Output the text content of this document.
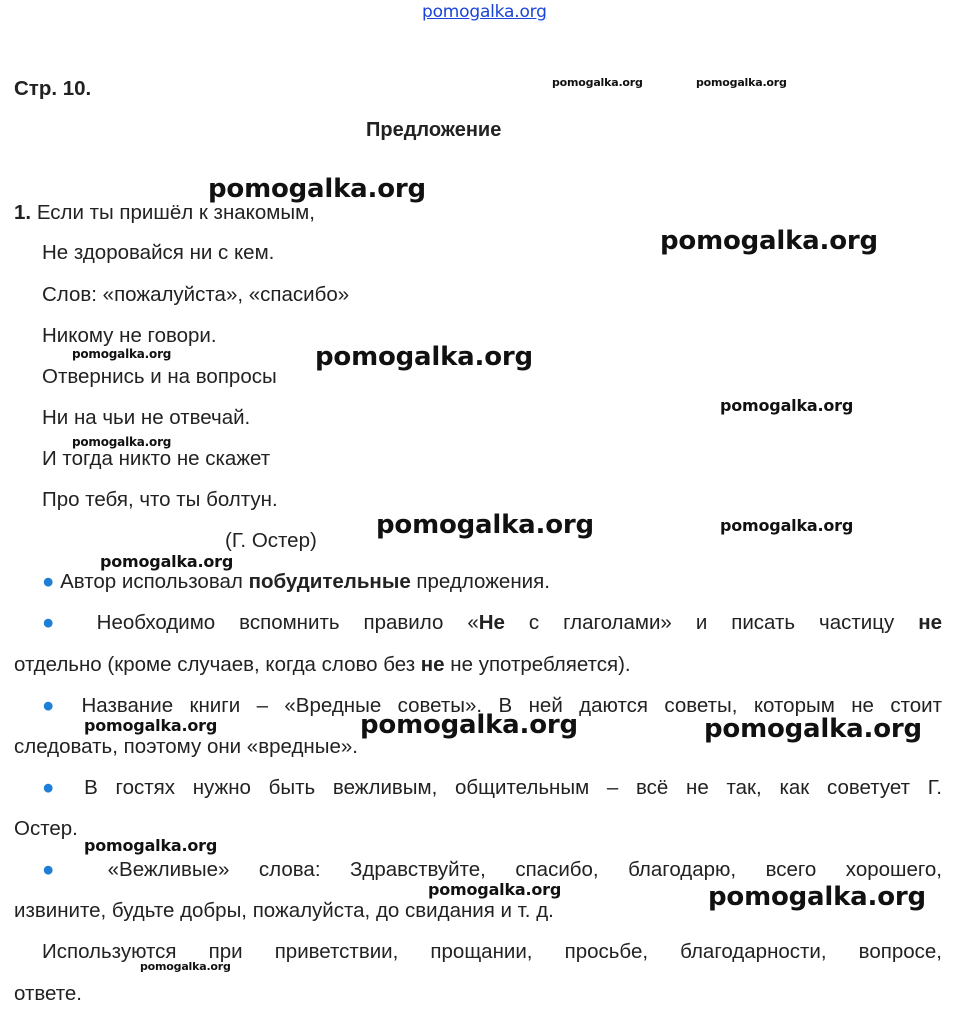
pomogalka.org
Стр. 10.	pomogalka.org	pomogalka.org
Предложение
1. Если ты пришёл к знакомым,
Не здоровайся ни с кем.
Слов: «пожалуйста», «спасибо»
Никому не говори.
Отвернись и на вопросы
Ни на чьи не отвечай.
И тогда никто не скажет
Про тебя, что ты болтун.
(Г. Остер)
● Автор использовал побудительные предложения.
● Необходимо вспомнить правило «Не с глаголами» и писать частицу не
отдельно (кроме случаев, когда слово без не не употребляется).
● Название книги – «Вредные советы». В ней даются советы, которым не стоит
следовать, поэтому они «вредные».
● В гостях нужно быть вежливым, общительным – всё не так, как советует Г.
Остер.
● «Вежливые» слова: Здравствуйте, спасибо, благодарю, всего хорошего,
извините, будьте добры, пожалуйста, до свидания и т. д.
Используются при приветствии, прощании, просьбе, благодарности, вопросе,
ответе.
pomogalka.org
pomogalka.org
pomogalka.org	pomogalka.org
pomogalka.org
pomogalka.org
pomogalka.org	pomogalka.org
pomogalka.org
pomogalka.org	pomogalka.org	pomogalka.org
pomogalka.org
pomogalka.org	pomogalka.org
pomogalka.org
